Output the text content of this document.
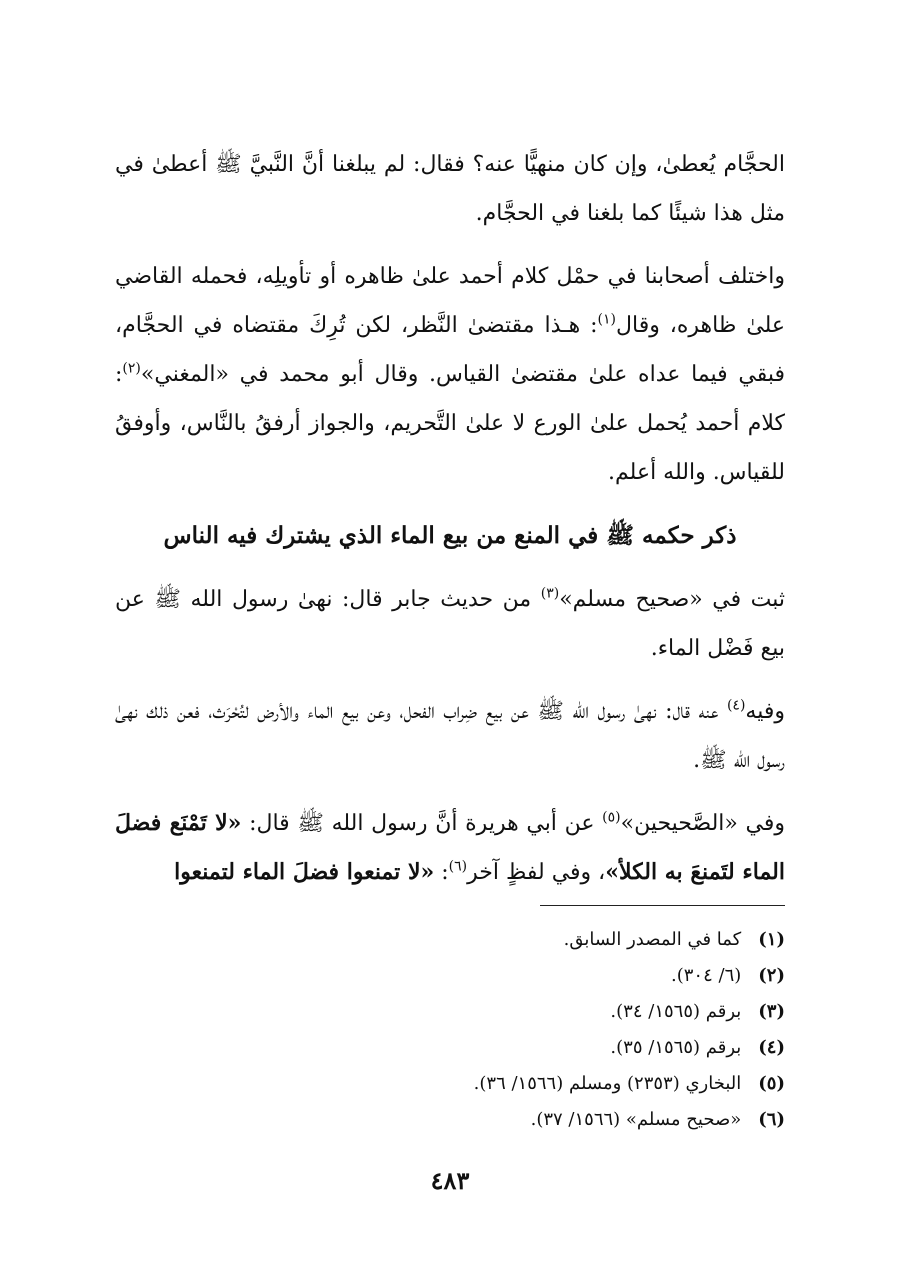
الحجَّام يُعطىٰ، وإن كان منهيًّا عنه؟ فقال: لم يبلغنا أنَّ النَّبيَّ ﷺ أعطىٰ في مثل هذا شيئًا كما بلغنا في الحجَّام.

واختلف أصحابنا في حمْل كلام أحمد علىٰ ظاهره أو تأويلِه، فحمله القاضي علىٰ ظاهره، وقال$^{(١)}$: هـذا مقتضىٰ النَّظر، لكن تُرِكَ مقتضاه في الحجَّام، فبقي فيما عداه علىٰ مقتضىٰ القياس. وقال أبو محمد في «المغني»$^{(٢)}$: كلام أحمد يُحمل علىٰ الورع لا علىٰ التَّحريم، والجواز أرفقُ بالنَّاس، وأوفقُ للقياس. والله أعلم.

ذكر حكمه ﷺ في المنع من بيع الماء الذي يشترك فيه الناس

ثبت في «صحيح مسلم»$^{(٣)}$ من حديث جابر قال: نهىٰ رسول الله ﷺ عن بيع فَضْل الماء.

وفيه$^{(٤)}$ عنه قال: نهىٰ رسول الله ﷺ عن بيع ضِراب الفحل، وعن بيع الماء والأرض لتُحْرَث، فعن ذلك نهىٰ رسول الله ﷺ.

وفي «الصَّحيحين»$^{(٥)}$ عن أبي هريرة أنَّ رسول الله ﷺ قال: «لا تَمْنَع فضلَ الماء لتَمنعَ به الكلأ»، وفي لفظٍ آخر$^{(٦)}$: «لا تمنعوا فضلَ الماء لتمنعوا

(١) كما في المصدر السابق.

(٢) (٦/ ٣٠٤).

(٣) برقم (١٥٦٥/ ٣٤).

(٤) برقم (١٥٦٥/ ٣٥).

(٥) البخاري (٢٣٥٣) ومسلم (١٥٦٦/ ٣٦).

(٦) «صحيح مسلم» (١٥٦٦/ ٣٧).

٤٨٣
